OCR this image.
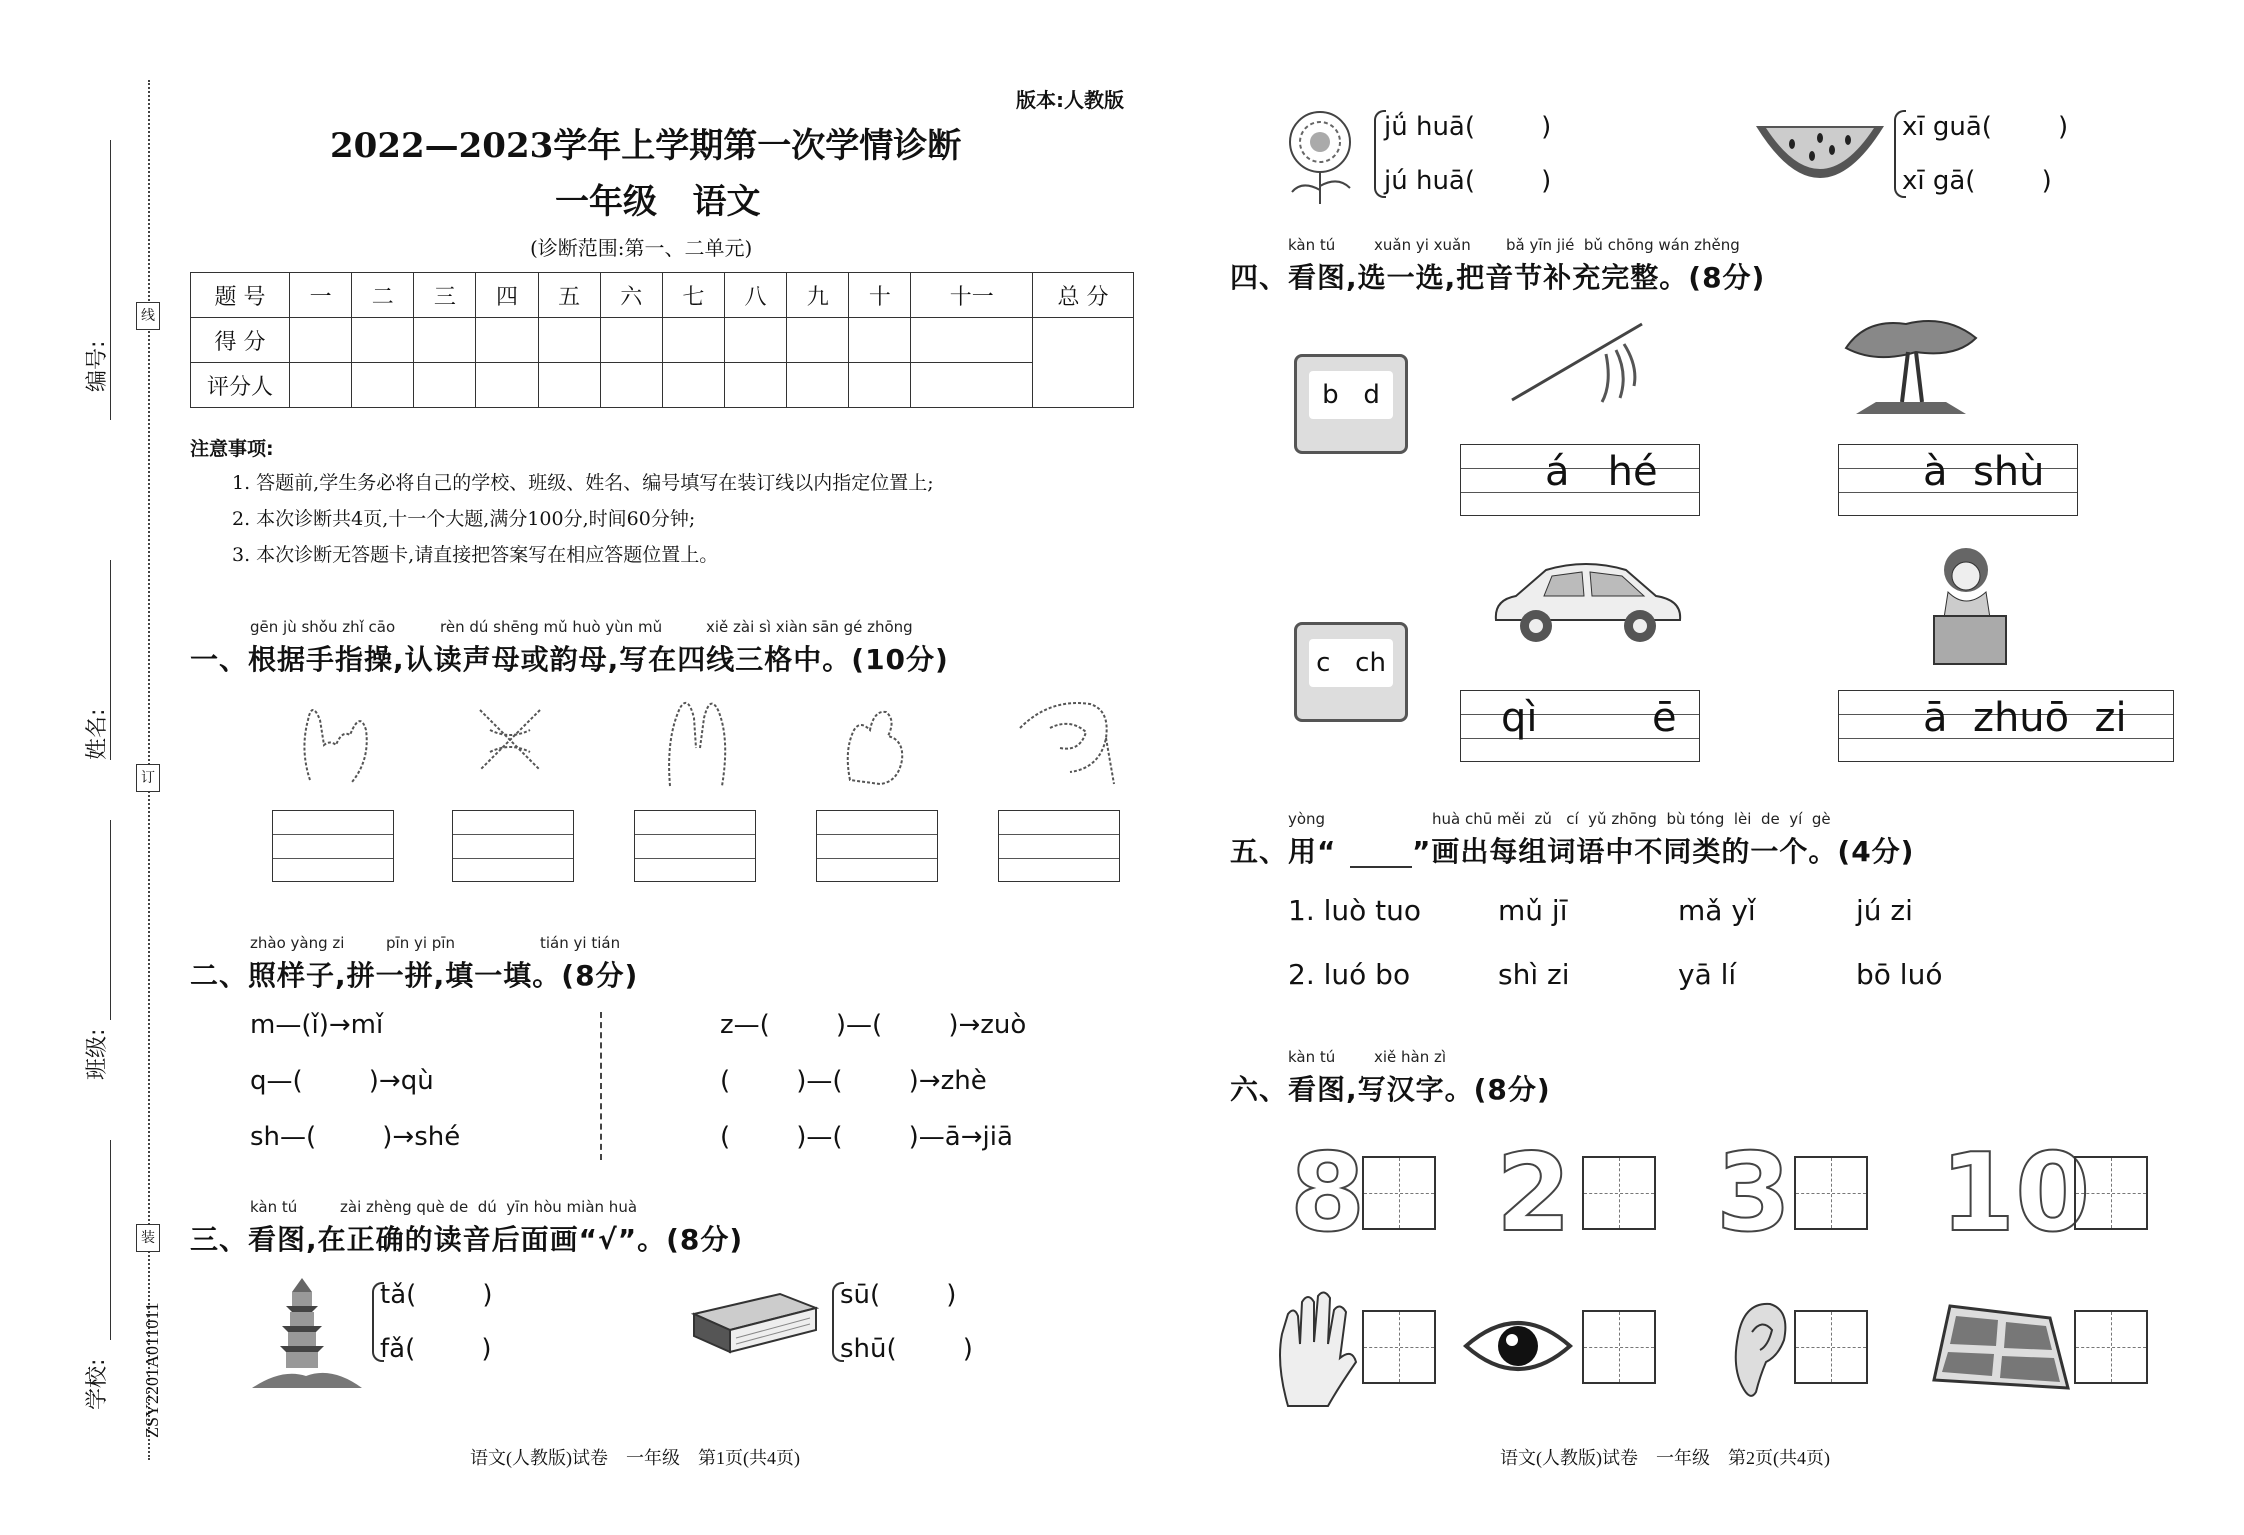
编号:
姓名:
班级:
学校:
线
订
装
ZSY2201A011011
版本:人教版
2022—2023学年上学期第一次学情诊断
一年级   语文
(诊断范围:第一、二单元)
题 号	一	二	三	四	五	六	七	八	九	十	十一	总 分
得 分												
评分人												
注意事项:
1. 答题前,学生务必将自己的学校、班级、姓名、编号填写在装订线以内指定位置上;
2. 本次诊断共4页,十一个大题,满分100分,时间60分钟;
3. 本次诊断无答题卡,请直接把答案写在相应答题位置上。
gēn jù shǒu zhǐ cāo	rèn dú shēng mǔ huò yùn mǔ	xiě zài sì xiàn sān gé zhōng
一、根据手指操,认读声母或韵母,写在四线三格中。(10分)
zhào yàng zi	pīn yi pīn	tián yi tián
二、照样子,拼一拼,填一填。(8分)
m—(ǐ)→mǐ
q—(        )→qù
sh—(        )→shé
z—(        )—(        )→zuò
(        )—(        )→zhè
(        )—(        )—ā→jiā
kàn tú	zài zhèng què de  dú  yīn hòu miàn huà
三、看图,在正确的读音后面画“√”。(8分)
tǎ(        )
fǎ(        )
sū(        )
shū(        )
语文(人教版)试卷    一年级    第1页(共4页)
jǘ huā(        )
jú huā(        )
xī guā(        )
xī gā(        )
kàn tú	xuǎn yi xuǎn bǎ yīn jié  bǔ chōng wán zhěng
四、看图,选一选,把音节补充完整。(8分)
b   d
c   ch
á   hé	à  shù
qì         ē	ā  zhuō  zi
yòng	huà chū měi  zǔ   cí  yǔ zhōng  bù tóng  lèi  de  yí  gè
五、用“	”画出每组词语中不同类的一个。(4分)
1. luò tuo	mǔ jī	mǎ yǐ	jú zi
2. luó bo	shì zi	yā lí	bō luó
kàn tú	xiě hàn zì
六、看图,写汉字。(8分)
8 2 3 10
语文(人教版)试卷    一年级    第2页(共4页)
